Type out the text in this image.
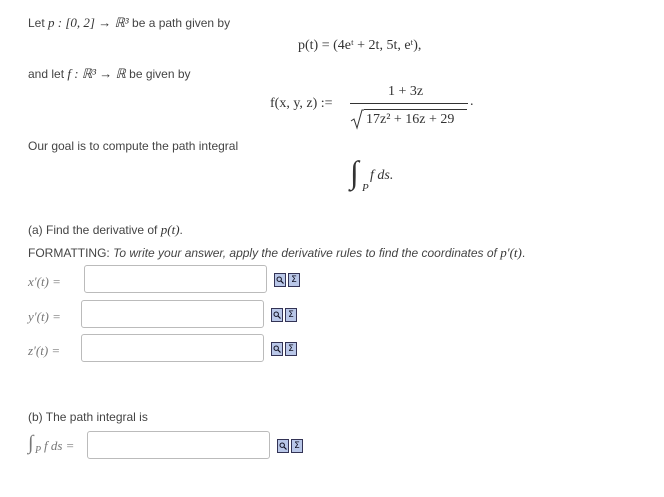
Let p : [0, 2] → ℝ³ be a path given by
p(t) = (4eᵗ + 2t, 5t, eᵗ),
and let f : ℝ³ → ℝ be given by
f(x, y, z) :=
1 + 3z
17z² + 16z + 29
.
Our goal is to compute the path integral
∫ P
f ds.
(a) Find the derivative of p(t).
FORMATTING: To write your answer, apply the derivative rules to find the coordinates of p′(t).
x′(t) =	Σ
y′(t) =	Σ
z′(t) =	Σ
(b) The path integral is
∫ P f ds =	Σ
